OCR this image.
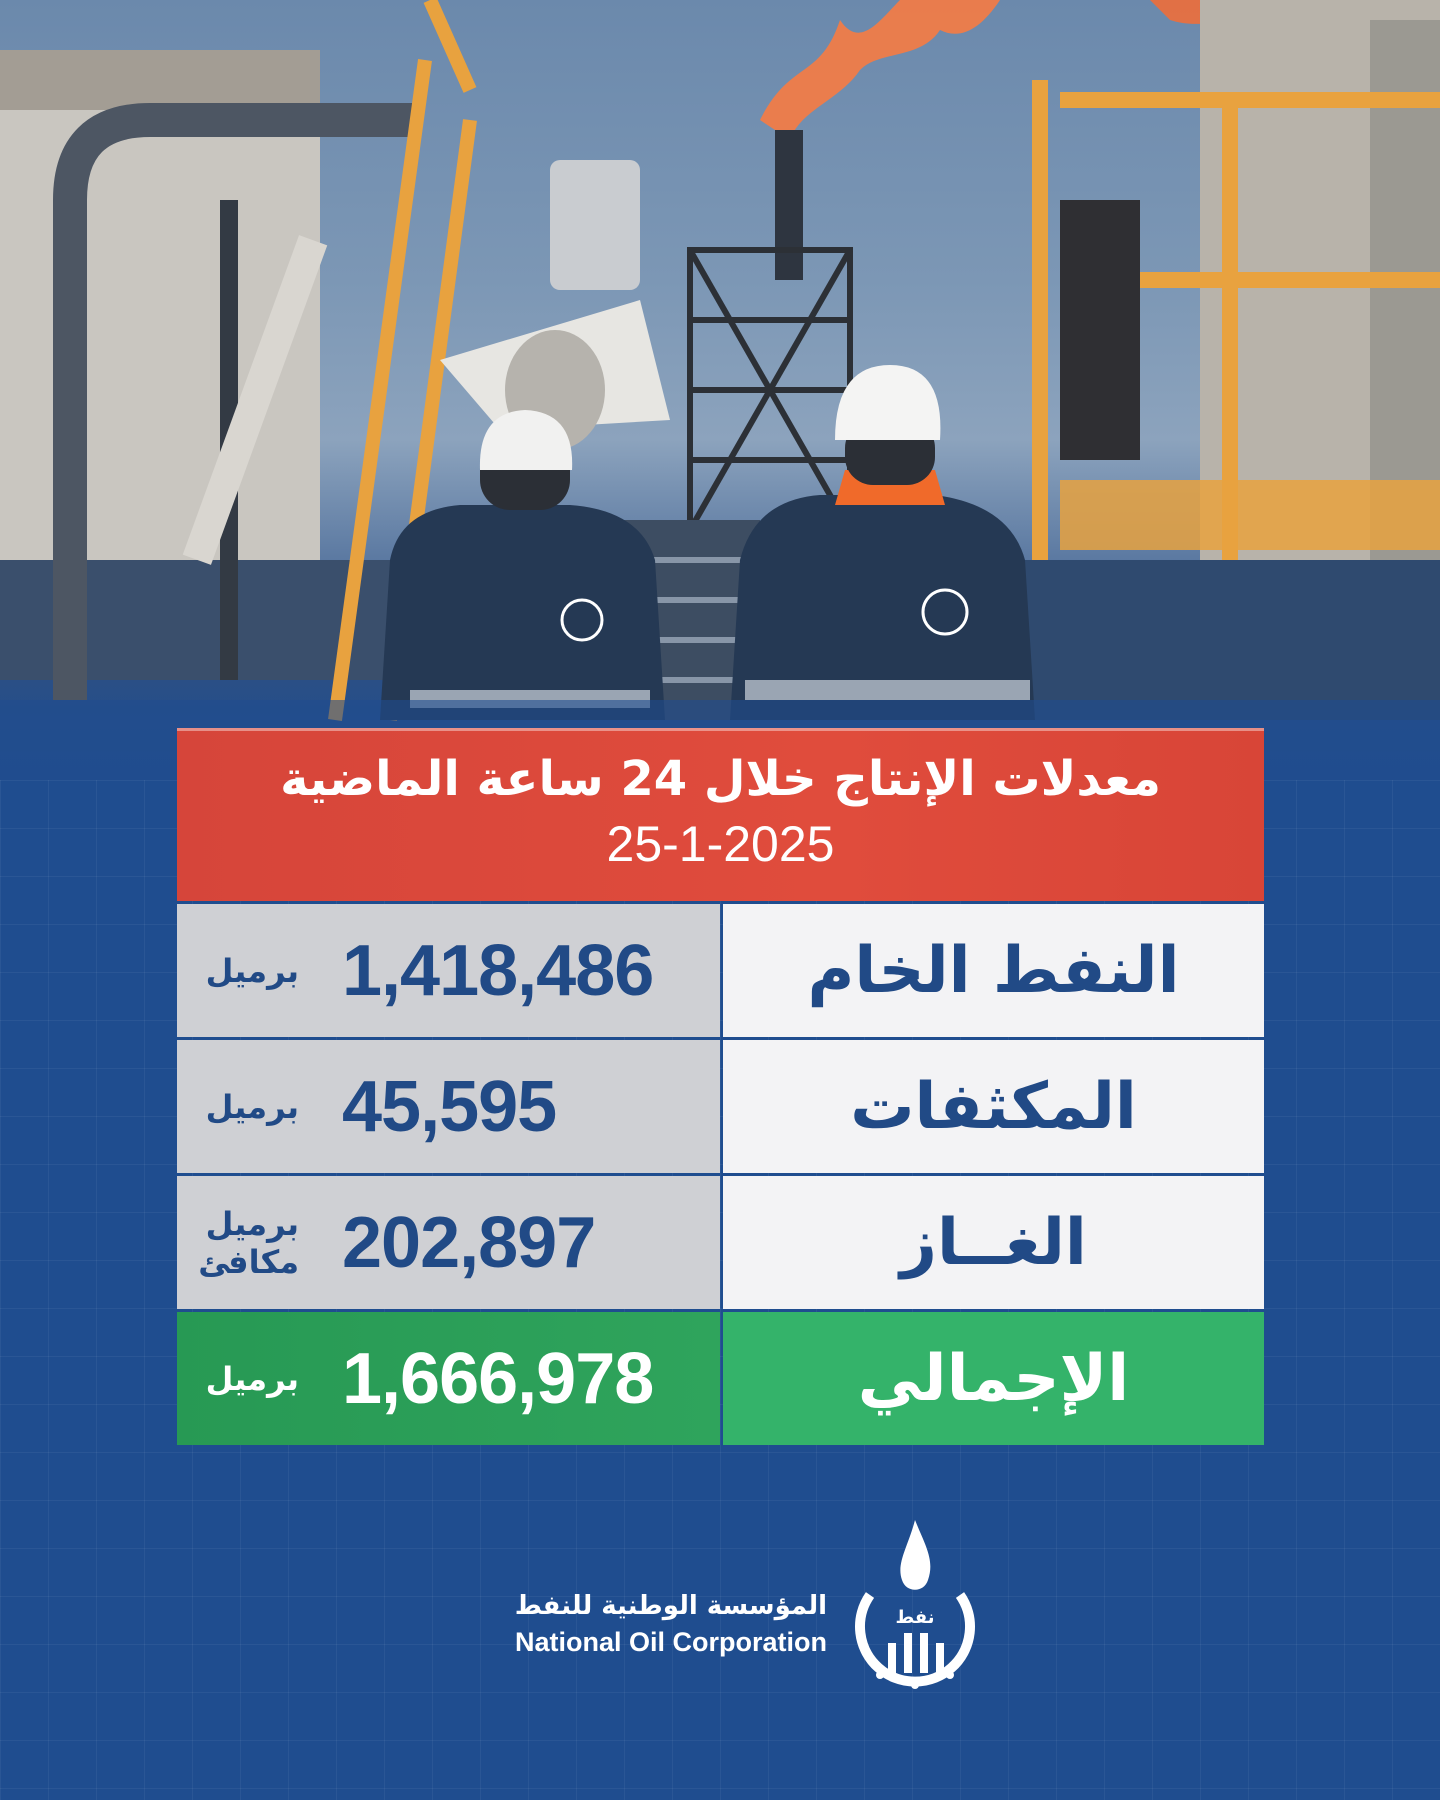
معدلات الإنتاج خلال 24 ساعة الماضية
25-1-2025
برميل 1,418,486	النفط الخام
برميل 45,595	المكثفات
برميل مكافئ 202,897	الغــاز
برميل 1,666,978	الإجمالي
المؤسسة الوطنية للنفط
National Oil Corporation
نفط
